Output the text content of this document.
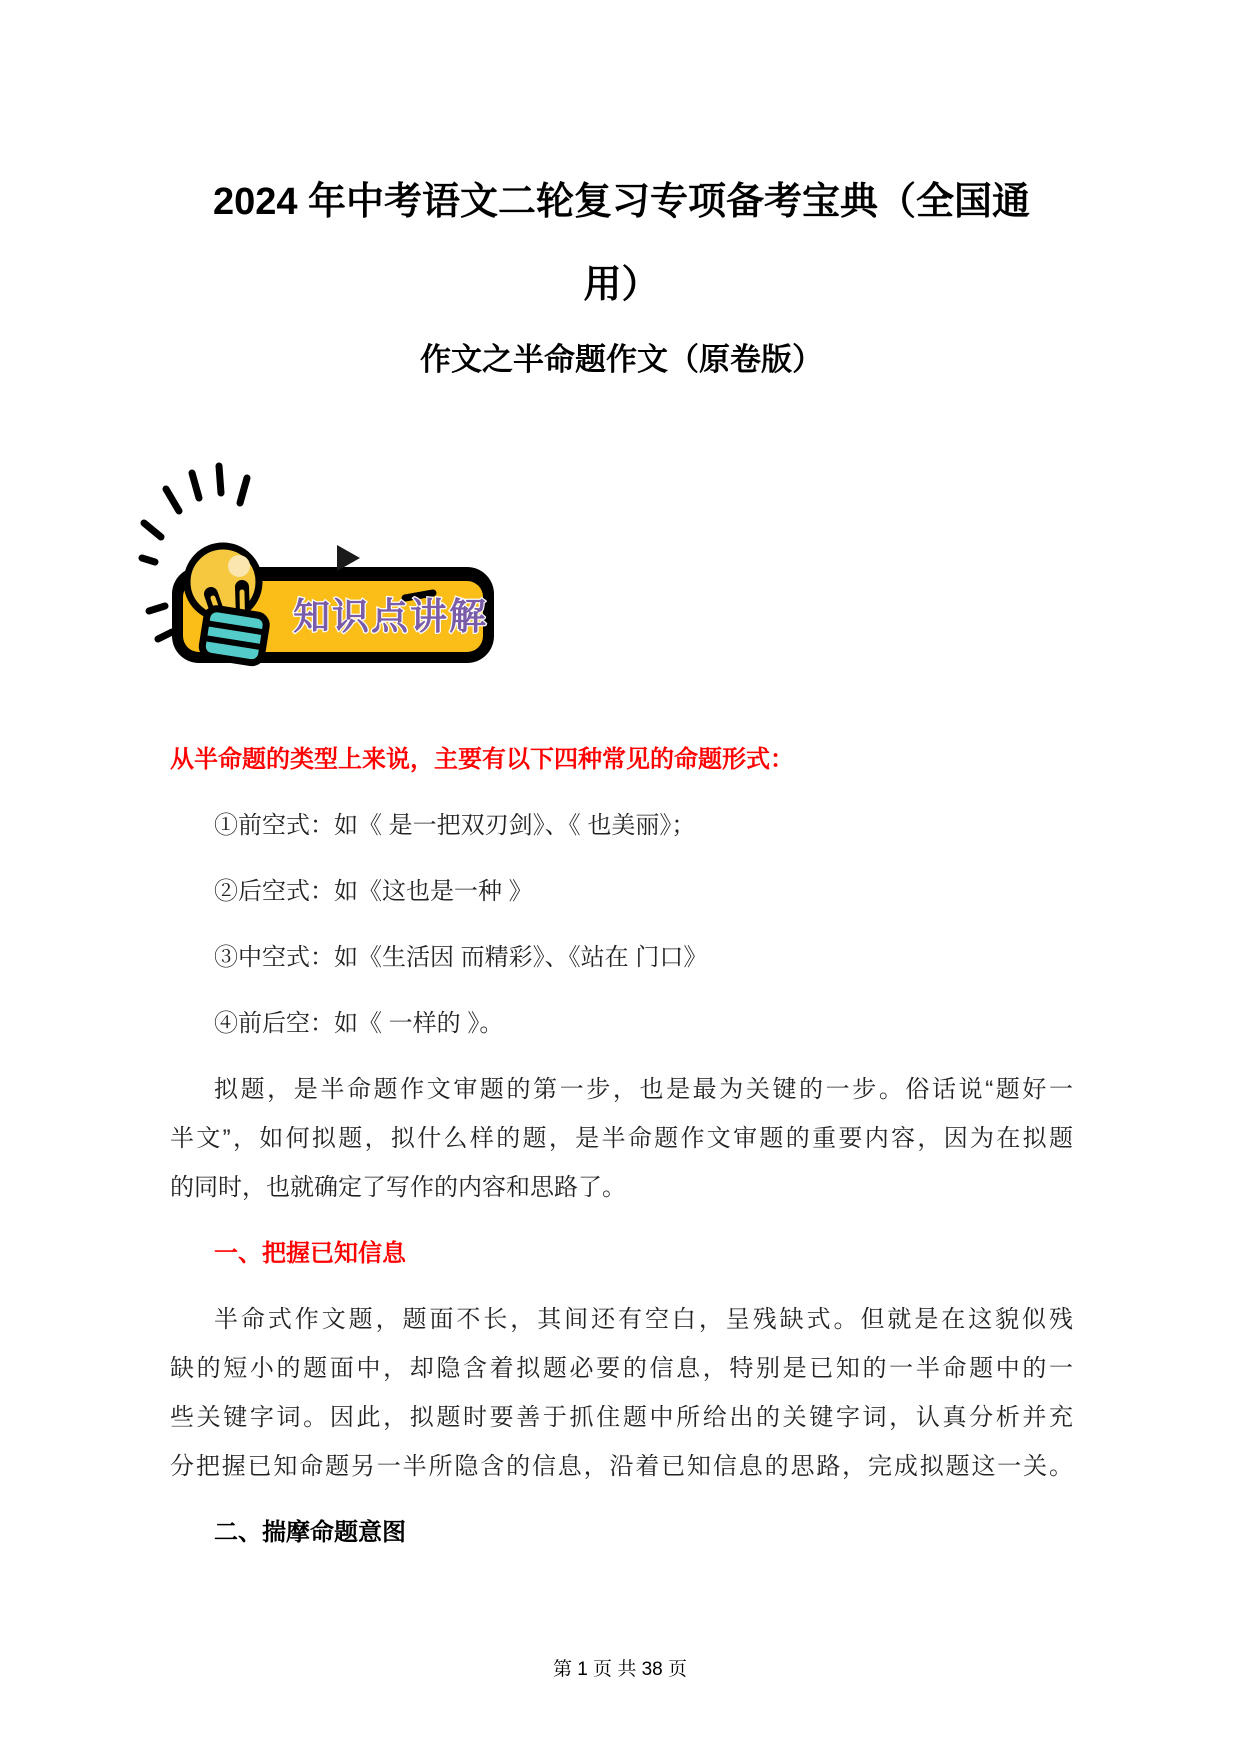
2024 年中考语文二轮复习专项备考宝典（全国通
用）
作文之半命题作文（原卷版）
知识点讲解
从半命题的类型上来说，主要有以下四种常见的命题形式：
①前空式：如《 是一把双刃剑》、《 也美丽》；
②后空式：如《这也是一种 》
③中空式：如《生活因 而精彩》、《站在 门口》
④前后空：如《 一样的 》。
拟题，是半命题作文审题的第一步，也是最为关键的一步。俗话说“题好一
半文”，如何拟题，拟什么样的题，是半命题作文审题的重要内容，因为在拟题
的同时，也就确定了写作的内容和思路了。
一、把握已知信息
半命式作文题，题面不长，其间还有空白，呈残缺式。但就是在这貌似残
缺的短小的题面中，却隐含着拟题必要的信息，特别是已知的一半命题中的一
些关键字词。因此，拟题时要善于抓住题中所给出的关键字词，认真分析并充
分把握已知命题另一半所隐含的信息，沿着已知信息的思路，完成拟题这一关。
二、揣摩命题意图
第 1 页 共 38 页
